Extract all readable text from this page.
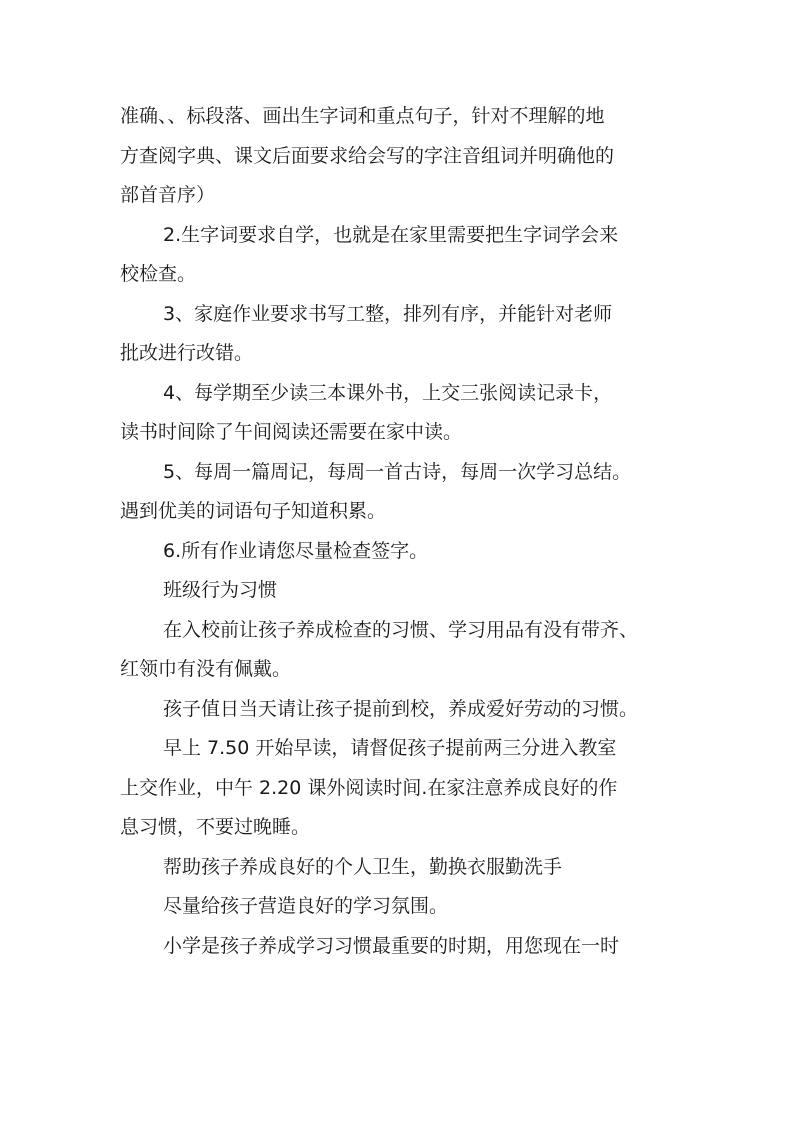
准确、、标段落、画出生字词和重点句子，针对不理解的地
方查阅字典、课文后面要求给会写的字注音组词并明确他的
部首音序）
2.生字词要求自学，也就是在家里需要把生字词学会来
校检查。
3、家庭作业要求书写工整，排列有序，并能针对老师
批改进行改错。
4、每学期至少读三本课外书，上交三张阅读记录卡，
读书时间除了午间阅读还需要在家中读。
5、每周一篇周记，每周一首古诗，每周一次学习总结。
遇到优美的词语句子知道积累。
6.所有作业请您尽量检查签字。
班级行为习惯
在入校前让孩子养成检查的习惯、学习用品有没有带齐、
红领巾有没有佩戴。
孩子值日当天请让孩子提前到校，养成爱好劳动的习惯。
早上 7.50 开始早读，请督促孩子提前两三分进入教室
上交作业，中午 2.20 课外阅读时间.在家注意养成良好的作
息习惯，不要过晚睡。
帮助孩子养成良好的个人卫生，勤换衣服勤洗手
尽量给孩子营造良好的学习氛围。
小学是孩子养成学习习惯最重要的时期，用您现在一时
